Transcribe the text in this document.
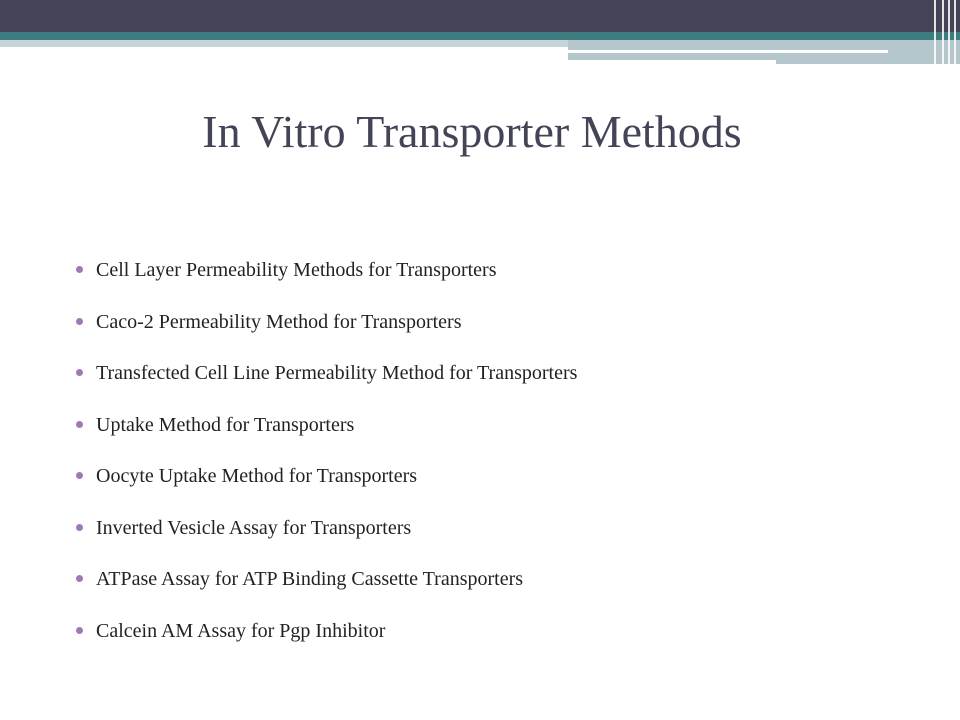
In Vitro Transporter Methods
Cell Layer Permeability Methods for Transporters
Caco-2 Permeability Method for Transporters
Transfected Cell Line Permeability Method for Transporters
Uptake Method for Transporters
Oocyte Uptake Method for Transporters
Inverted Vesicle Assay for Transporters
ATPase Assay for ATP Binding Cassette Transporters
Calcein AM Assay for Pgp Inhibitor
